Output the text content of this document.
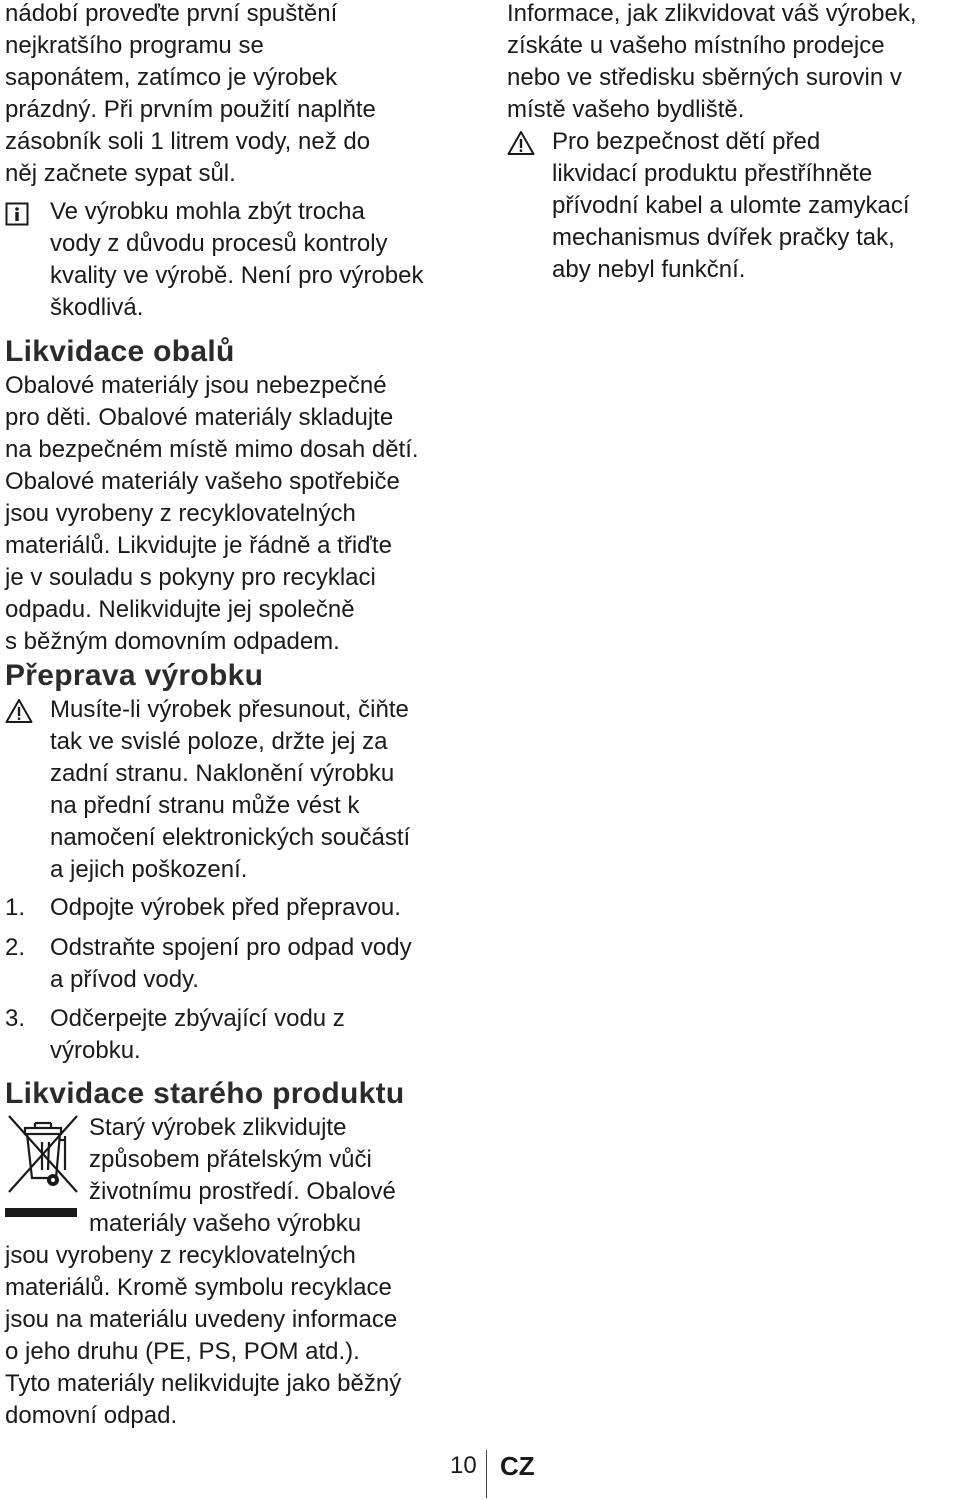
nádobí proveďte první spuštění
nejkratšího programu se
saponátem, zatímco je výrobek
prázdný. Při prvním použití naplňte
zásobník soli 1 litrem vody, než do
něj začnete sypat sůl.
Ve výrobku mohla zbýt trocha
vody z důvodu procesů kontroly
kvality ve výrobě. Není pro výrobek
škodlivá.
Likvidace obalů
Obalové materiály jsou nebezpečné
pro děti. Obalové materiály skladujte
na bezpečném místě mimo dosah dětí.
Obalové materiály vašeho spotřebiče
jsou vyrobeny z recyklovatelných
materiálů. Likvidujte je řádně a třiďte
je v souladu s pokyny pro recyklaci
odpadu. Nelikvidujte jej společně
s běžným domovním odpadem.
Přeprava výrobku
Musíte-li výrobek přesunout, čiňte
tak ve svislé poloze, držte jej za
zadní stranu. Naklonění výrobku
na přední stranu může vést k
namočení elektronických součástí
a jejich poškození.
1. Odpojte výrobek před přepravou.
2. Odstraňte spojení pro odpad vody
a přívod vody.
3. Odčerpejte zbývající vodu z
výrobku.
Likvidace starého produktu
Starý výrobek zlikvidujte
způsobem přátelským vůči
životnímu prostředí. Obalové
materiály vašeho výrobku
jsou vyrobeny z recyklovatelných
materiálů. Kromě symbolu recyklace
jsou na materiálu uvedeny informace
o jeho druhu (PE, PS, POM atd.).
Tyto materiály nelikvidujte jako běžný
domovní odpad.
Informace, jak zlikvidovat váš výrobek,
získáte u vašeho místního prodejce
nebo ve středisku sběrných surovin v
místě vašeho bydliště.
Pro bezpečnost dětí před
likvidací produktu přestříhněte
přívodní kabel a ulomte zamykací
mechanismus dvířek pračky tak,
aby nebyl funkční.
10 CZ
